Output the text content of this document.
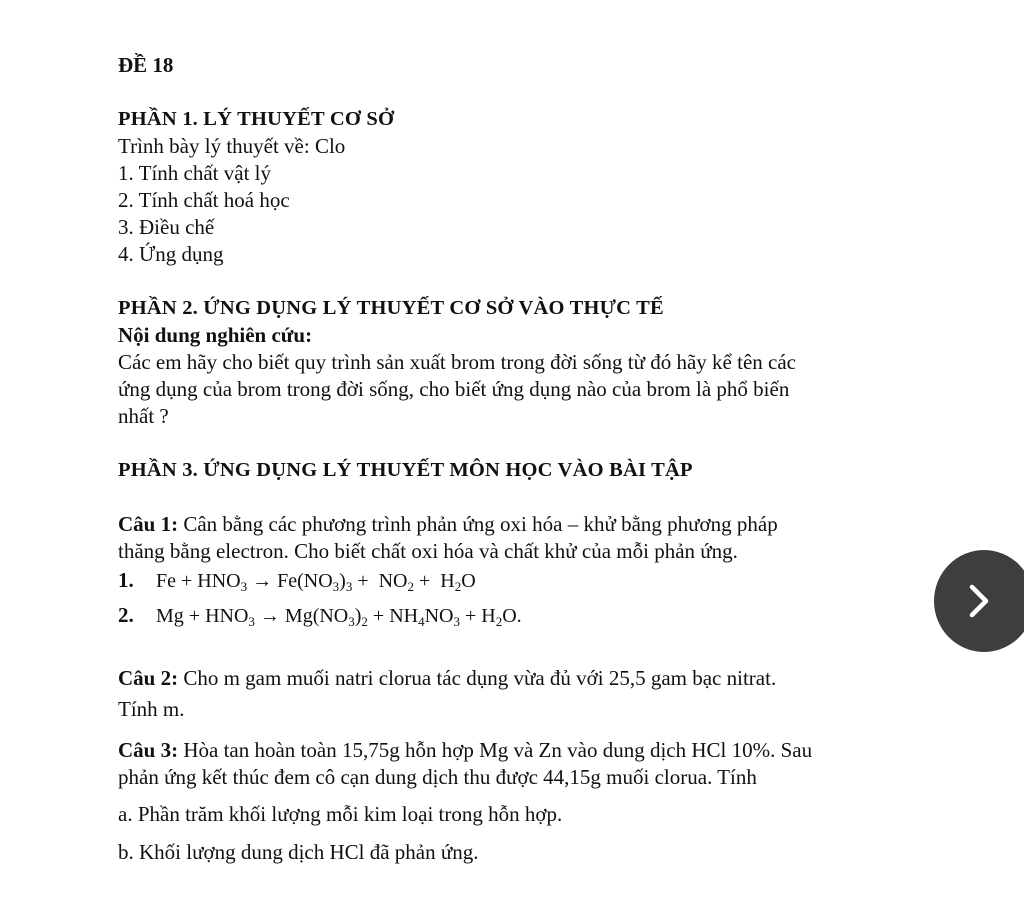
ĐỀ 18
PHẦN 1. LÝ THUYẾT CƠ SỞ
Trình bày lý thuyết về: Clo
1. Tính chất vật lý
2. Tính chất hoá học
3. Điều chế
4. Ứng dụng
PHẦN 2. ỨNG DỤNG LÝ THUYẾT CƠ SỞ VÀO THỰC TẾ
Nội dung nghiên cứu:
Các em hãy cho biết quy trình sản xuất brom trong đời sống từ đó hãy kể tên các
ứng dụng của brom trong đời sống, cho biết ứng dụng nào của brom là phổ biến
nhất ?
PHẦN 3. ỨNG DỤNG LÝ THUYẾT MÔN HỌC VÀO BÀI TẬP
Câu 1: Cân bằng các phương trình phản ứng oxi hóa – khử bằng phương pháp
thăng bằng electron. Cho biết chất oxi hóa và chất khử của mỗi phản ứng.
1. $Fe + HNO_3 \to Fe(NO_3)_3 + NO_2 + H_2O$
2. $Mg + HNO_3 \to Mg(NO_3)_2 + NH_4NO_3 + H_2O$.
Câu 2: Cho m gam muối natri clorua tác dụng vừa đủ với 25,5 gam bạc nitrat.
Tính m.
Câu 3: Hòa tan hoàn toàn 15,75g hỗn hợp Mg và Zn vào dung dịch HCl 10%. Sau
phản ứng kết thúc đem cô cạn dung dịch thu được 44,15g muối clorua. Tính
a. Phần trăm khối lượng mỗi kim loại trong hỗn hợp.
b. Khối lượng dung dịch HCl đã phản ứng.
